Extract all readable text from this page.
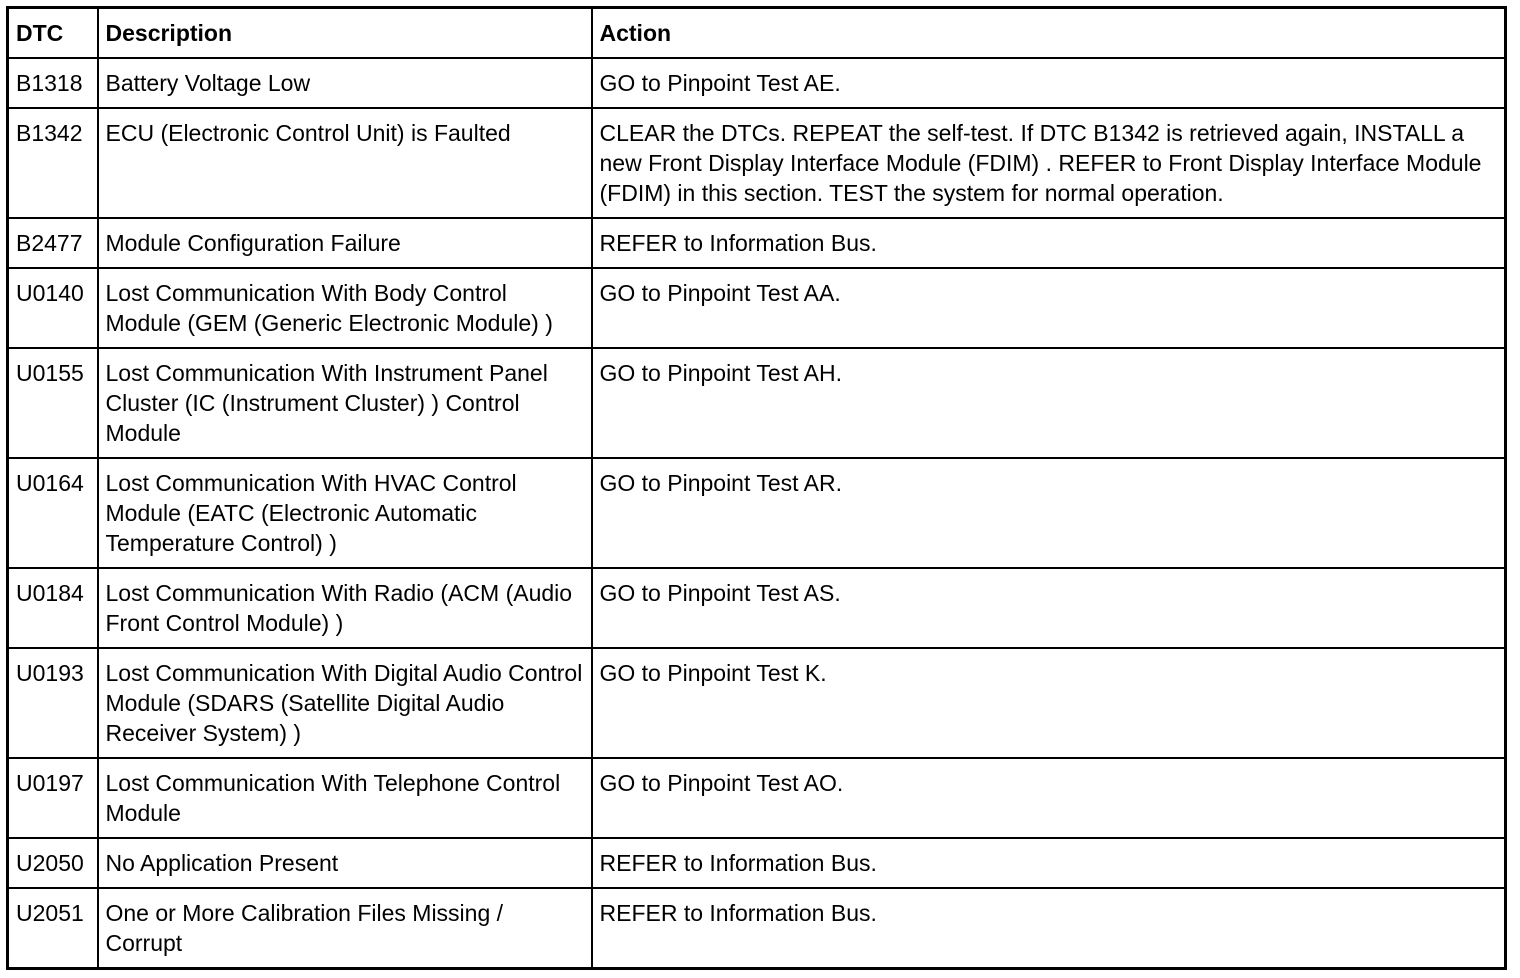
DTC	Description	Action
B1318	Battery Voltage Low	GO to Pinpoint Test AE.
B1342	ECU (Electronic Control Unit) is Faulted	CLEAR the DTCs. REPEAT the self-test. If DTC B1342 is retrieved again, INSTALL a new Front Display Interface Module (FDIM) . REFER to Front Display Interface Module (FDIM) in this section. TEST the system for normal operation.
B2477	Module Configuration Failure	REFER to Information Bus.
U0140	Lost Communication With Body Control Module (GEM (Generic Electronic Module) )	GO to Pinpoint Test AA.
U0155	Lost Communication With Instrument Panel Cluster (IC (Instrument Cluster) ) Control Module	GO to Pinpoint Test AH.
U0164	Lost Communication With HVAC Control Module (EATC (Electronic Automatic Temperature Control) )	GO to Pinpoint Test AR.
U0184	Lost Communication With Radio (ACM (Audio Front Control Module) )	GO to Pinpoint Test AS.
U0193	Lost Communication With Digital Audio Control Module (SDARS (Satellite Digital Audio Receiver System) )	GO to Pinpoint Test K.
U0197	Lost Communication With Telephone Control Module	GO to Pinpoint Test AO.
U2050	No Application Present	REFER to Information Bus.
U2051	One or More Calibration Files Missing / Corrupt	REFER to Information Bus.
